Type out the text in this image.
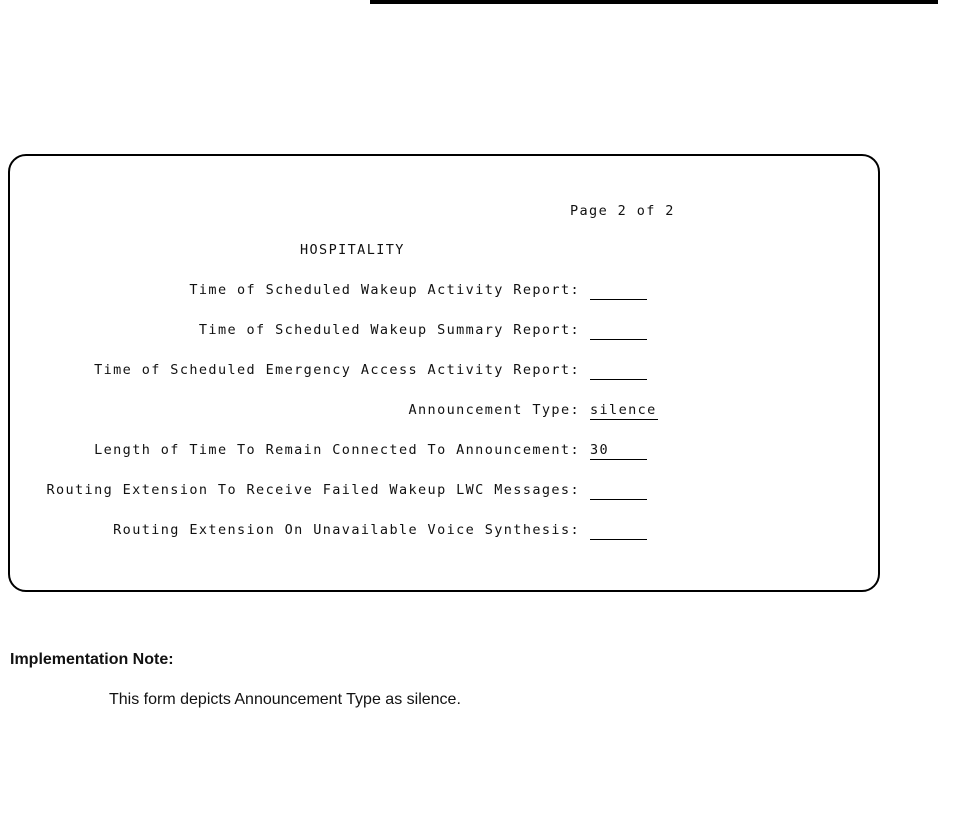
Page 2 of 2
HOSPITALITY
Time of Scheduled Wakeup Activity Report:
Time of Scheduled Wakeup Summary Report:
Time of Scheduled Emergency Access Activity Report:
Announcement Type: silence
Length of Time To Remain Connected To Announcement: 30
Routing Extension To Receive Failed Wakeup LWC Messages:
Routing Extension On Unavailable Voice Synthesis:
Implementation Note:
This form depicts Announcement Type as silence.
